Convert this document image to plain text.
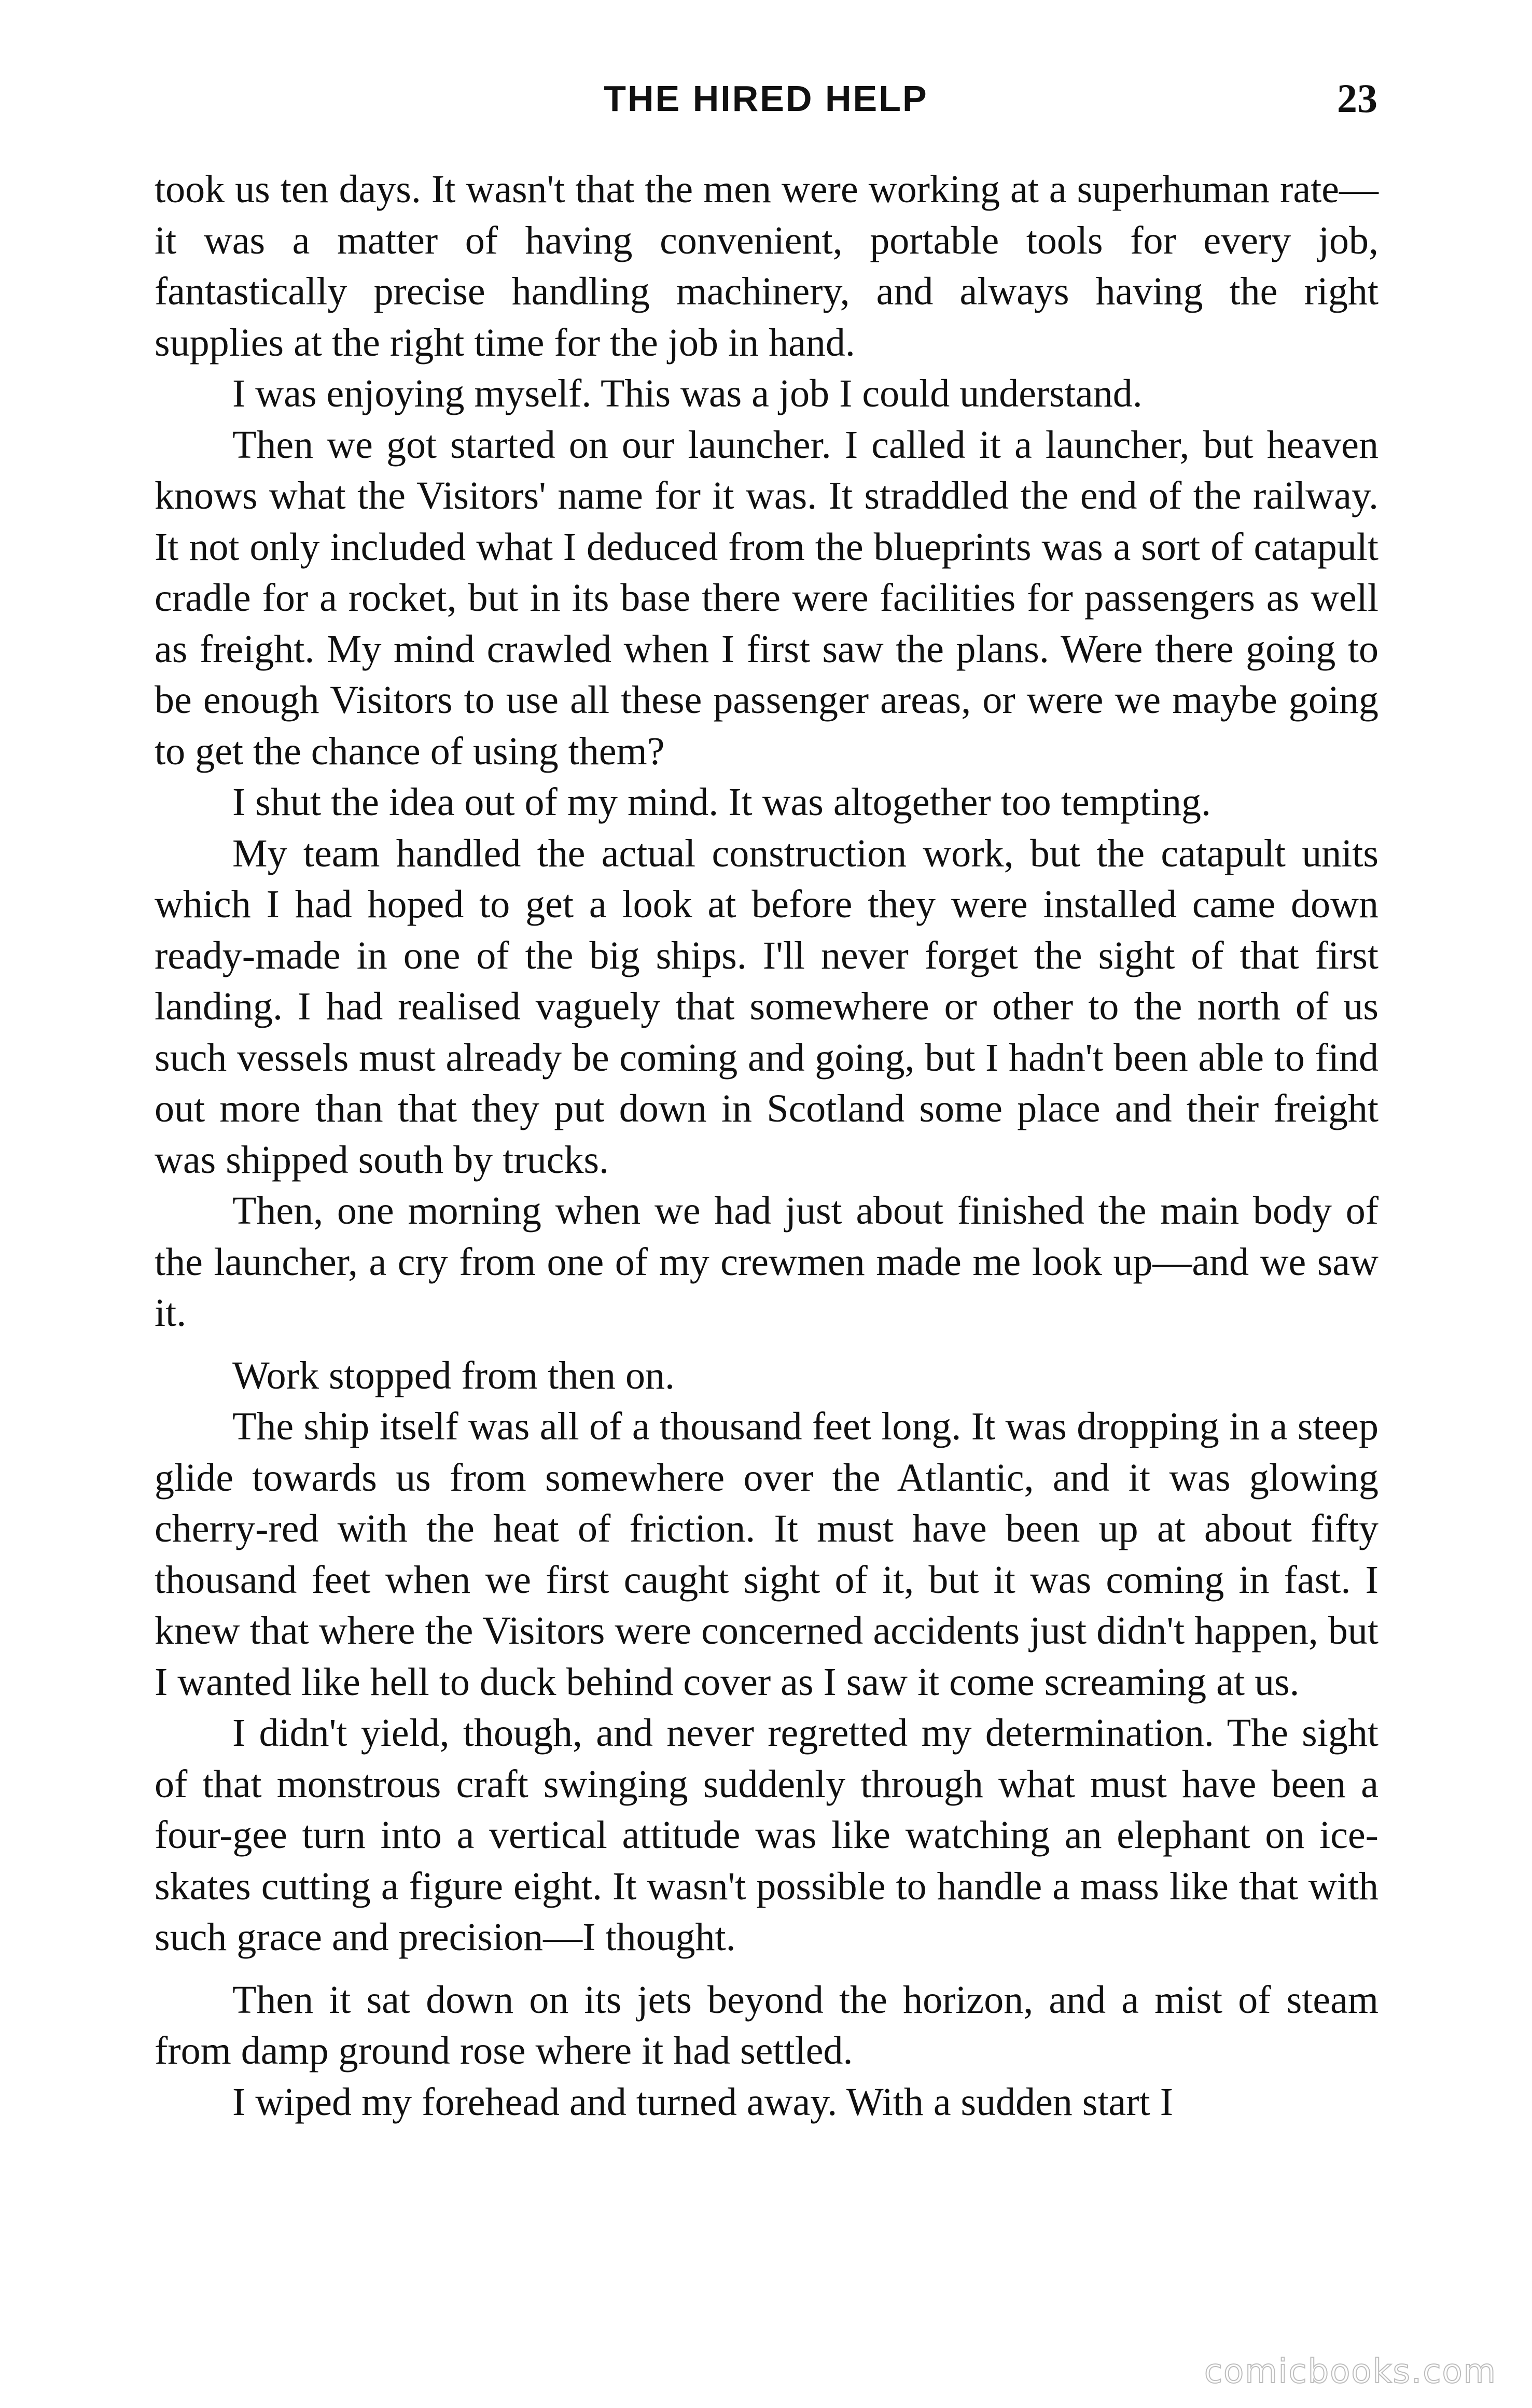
THE HIRED HELP	23

took us ten days. It wasn't that the men were working at a superhuman rate—it was a matter of having convenient, portable tools for every job, fantastically precise handling machinery, and always having the right supplies at the right time for the job in hand.

I was enjoying myself. This was a job I could understand.

Then we got started on our launcher. I called it a launcher, but heaven knows what the Visitors' name for it was. It straddled the end of the railway. It not only included what I deduced from the blueprints was a sort of catapult cradle for a rocket, but in its base there were facilities for passengers as well as freight. My mind crawled when I first saw the plans. Were there going to be enough Visitors to use all these passenger areas, or were we maybe going to get the chance of using them?

I shut the idea out of my mind. It was altogether too tempting.

My team handled the actual construction work, but the catapult units which I had hoped to get a look at before they were installed came down ready-made in one of the big ships. I'll never forget the sight of that first landing. I had realised vaguely that somewhere or other to the north of us such vessels must already be coming and going, but I hadn't been able to find out more than that they put down in Scotland some place and their freight was shipped south by trucks.

Then, one morning when we had just about finished the main body of the launcher, a cry from one of my crewmen made me look up—and we saw it.

Work stopped from then on.

The ship itself was all of a thousand feet long. It was dropping in a steep glide towards us from somewhere over the Atlantic, and it was glowing cherry-red with the heat of friction. It must have been up at about fifty thousand feet when we first caught sight of it, but it was coming in fast. I knew that where the Visitors were concerned accidents just didn't happen, but I wanted like hell to duck behind cover as I saw it come screaming at us.

I didn't yield, though, and never regretted my determination. The sight of that monstrous craft swinging suddenly through what must have been a four-gee turn into a vertical attitude was like watching an elephant on ice-skates cutting a figure eight. It wasn't possible to handle a mass like that with such grace and precision—I thought.

Then it sat down on its jets beyond the horizon, and a mist of steam from damp ground rose where it had settled.

I wiped my forehead and turned away. With a sudden start I

comicbooks.com
